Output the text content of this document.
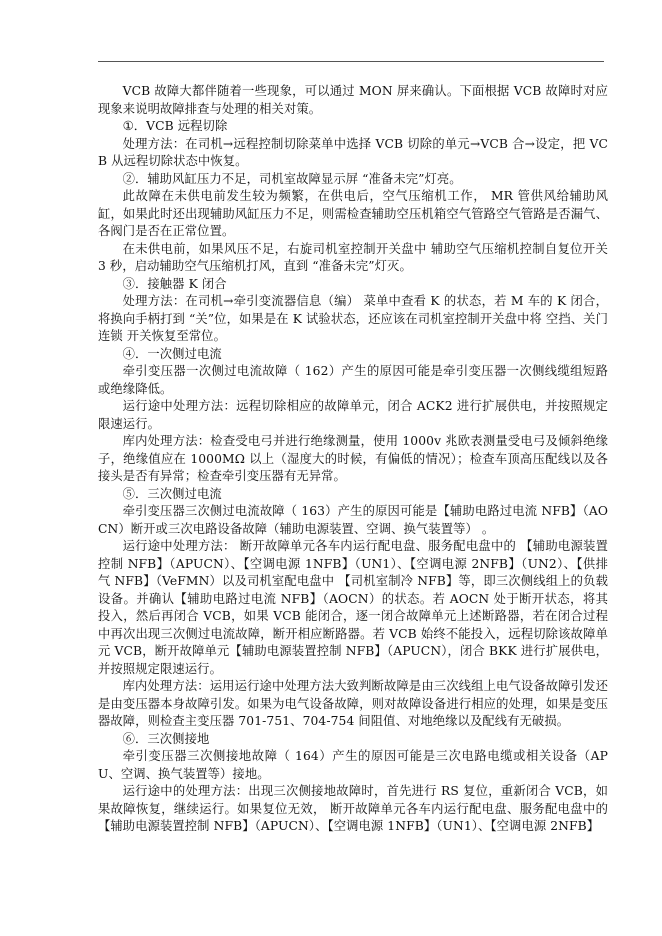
VCB 故障大都伴随着一些现象，可以通过 MON 屏来确认。下面根据 VCB 故障时对应现象来说明故障排查与处理的相关对策。

①．VCB 远程切除

处理方法：在司机→远程控制切除菜单中选择 VCB 切除的单元→VCB 合→设定，把 VCB 从远程切除状态中恢复。

②．辅助风缸压力不足，司机室故障显示屏 “准备未完”灯亮。

此故障在未供电前发生较为频繁，在供电后，空气压缩机工作， MR 管供风给辅助风缸，如果此时还出现辅助风缸压力不足，则需检查辅助空压机箱空气管路空气管路是否漏气、各阀门是否在正常位置。

在未供电前，如果风压不足，右旋司机室控制开关盘中 辅助空气压缩机控制自复位开关 3 秒，启动辅助空气压缩机打风，直到 “准备未完”灯灭。

③．接触器 K 闭合

处理方法：在司机→牵引变流器信息（编） 菜单中查看 K 的状态，若 M 车的 K 闭合，将换向手柄打到 “关”位，如果是在 K 试验状态，还应该在司机室控制开关盘中将 空挡、关门连锁 开关恢复至常位。

④．一次侧过电流

牵引变压器一次侧过电流故障（ 162）产生的原因可能是牵引变压器一次侧线缆组短路或绝缘降低。

运行途中处理方法：远程切除相应的故障单元，闭合 ACK2 进行扩展供电，并按照规定限速运行。

库内处理方法：检查受电弓并进行绝缘测量，使用 1000v 兆欧表测量受电弓及倾斜绝缘子，绝缘值应在 1000MΩ 以上（湿度大的时候，有偏低的情况）；检查车顶高压配线以及各接头是否有异常；检查牵引变压器有无异常。

⑤．三次侧过电流

牵引变压器三次侧过电流故障（ 163）产生的原因可能是【辅助电路过电流 NFB】（AOCN）断开或三次电路设备故障（辅助电源装置、空调、换气装置等） 。

运行途中处理方法： 断开故障单元各车内运行配电盘、服务配电盘中的 【辅助电源装置控制 NFB】（APUCN）、【空调电源 1NFB】（UN1）、【空调电源 2NFB】（UN2）、【供排气 NFB】（VeFMN）以及司机室配电盘中 【司机室制冷 NFB】等，即三次侧线组上的负载设备。并确认【辅助电路过电流 NFB】（AOCN）的状态。若 AOCN 处于断开状态，将其投入，然后再闭合 VCB，如果 VCB 能闭合，逐一闭合故障单元上述断路器，若在闭合过程中再次出现三次侧过电流故障，断开相应断路器。若 VCB 始终不能投入，远程切除该故障单元 VCB，断开故障单元【辅助电源装置控制 NFB】（APUCN），闭合 BKK 进行扩展供电，并按照规定限速运行。

库内处理方法：运用运行途中处理方法大致判断故障是由三次线组上电气设备故障引发还是由变压器本身故障引发。如果为电气设备故障，则对故障设备进行相应的处理，如果是变压器故障，则检查主变压器 701-751、704-754 间阻值、对地绝缘以及配线有无破损。

⑥．三次侧接地

牵引变压器三次侧接地故障（ 164）产生的原因可能是三次电路电缆或相关设备（APU、空调、换气装置等）接地。

运行途中的处理方法：出现三次侧接地故障时，首先进行 RS 复位，重新闭合 VCB，如果故障恢复，继续运行。如果复位无效， 断开故障单元各车内运行配电盘、服务配电盘中的【辅助电源装置控制 NFB】（APUCN）、【空调电源 1NFB】（UN1）、【空调电源 2NFB】
